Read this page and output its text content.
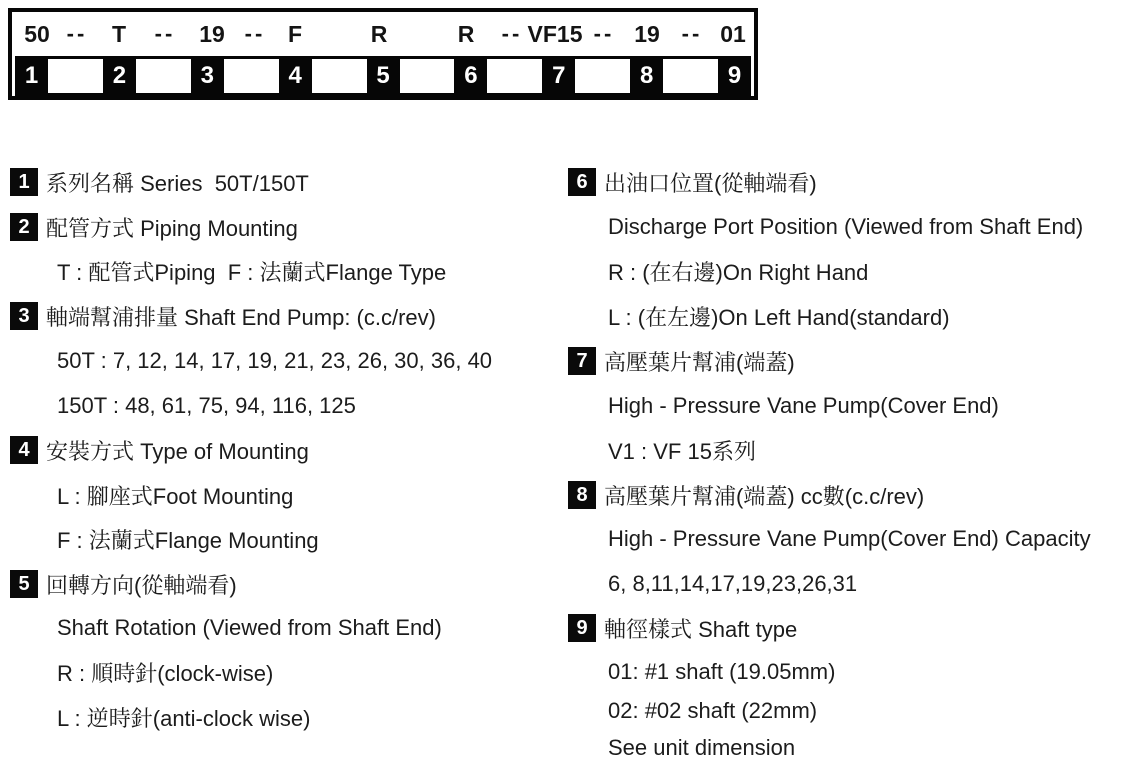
50 -- T -- 19 -- F	R	R -- VF15 -- 19 -- 01
1	2	3	4	5	6	7	8	9
1 系列名稱 Series  50T/150T
2 配管方式 Piping Mounting
T : 配管式Piping  F : 法蘭式Flange Type
3 軸端幫浦排量 Shaft End Pump: (c.c/rev)
50T : 7, 12, 14, 17, 19, 21, 23, 26, 30, 36, 40
150T : 48, 61, 75, 94, 116, 125
4 安裝方式 Type of Mounting
L : 腳座式Foot Mounting
F : 法蘭式Flange Mounting
5 回轉方向(從軸端看)
Shaft Rotation (Viewed from Shaft End)
R : 順時針(clock-wise)
L : 逆時針(anti-clock wise)
6 出油口位置(從軸端看)
Discharge Port Position (Viewed from Shaft End)
R : (在右邊)On Right Hand
L : (在左邊)On Left Hand(standard)
7 高壓葉片幫浦(端蓋)
High - Pressure Vane Pump(Cover End)
V1 : VF 15系列
8 高壓葉片幫浦(端蓋) cc數(c.c/rev)
High - Pressure Vane Pump(Cover End) Capacity
6, 8,11,14,17,19,23,26,31
9 軸徑樣式 Shaft type
01: #1 shaft (19.05mm)
02: #02 shaft (22mm)
See unit dimension
